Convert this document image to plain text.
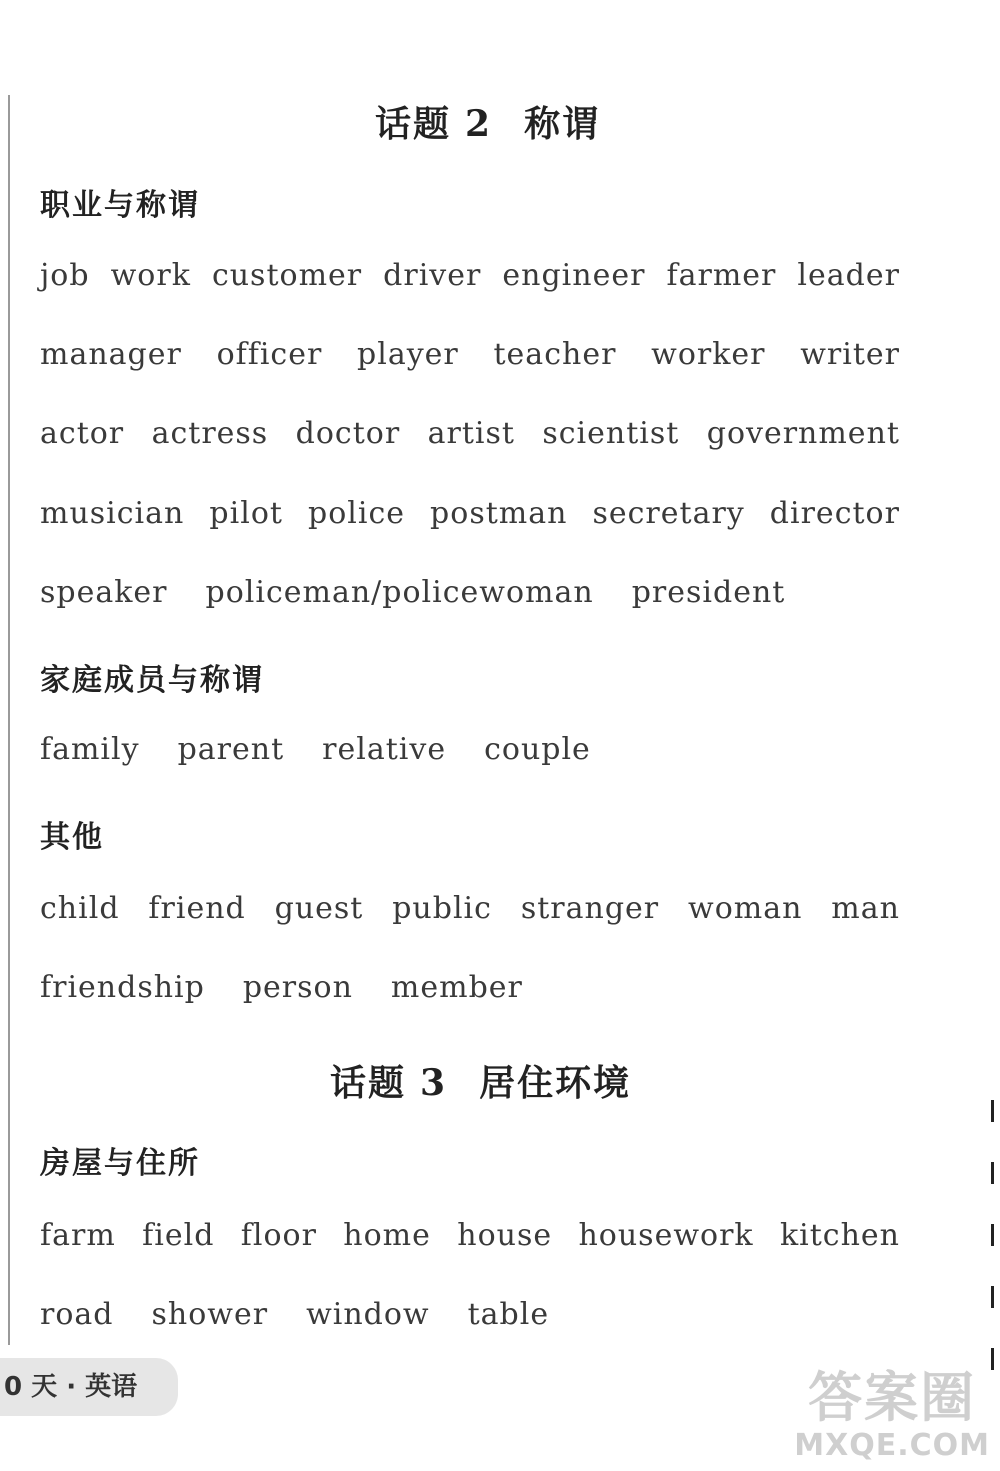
话题 2 称谓
职业与称谓
job work customer driver engineer farmer leader
manager officer player teacher worker writer
actor actress doctor artist scientist government
musician pilot police postman secretary director
speaker policeman/policewoman president
家庭成员与称谓
family parent relative couple
其他
child friend guest public stranger woman man
friendship person member
话题 3 居住环境
房屋与住所
farm field floor home house housework kitchen
road shower window table
0 天 · 英语	答案圈
MXQE.COM
